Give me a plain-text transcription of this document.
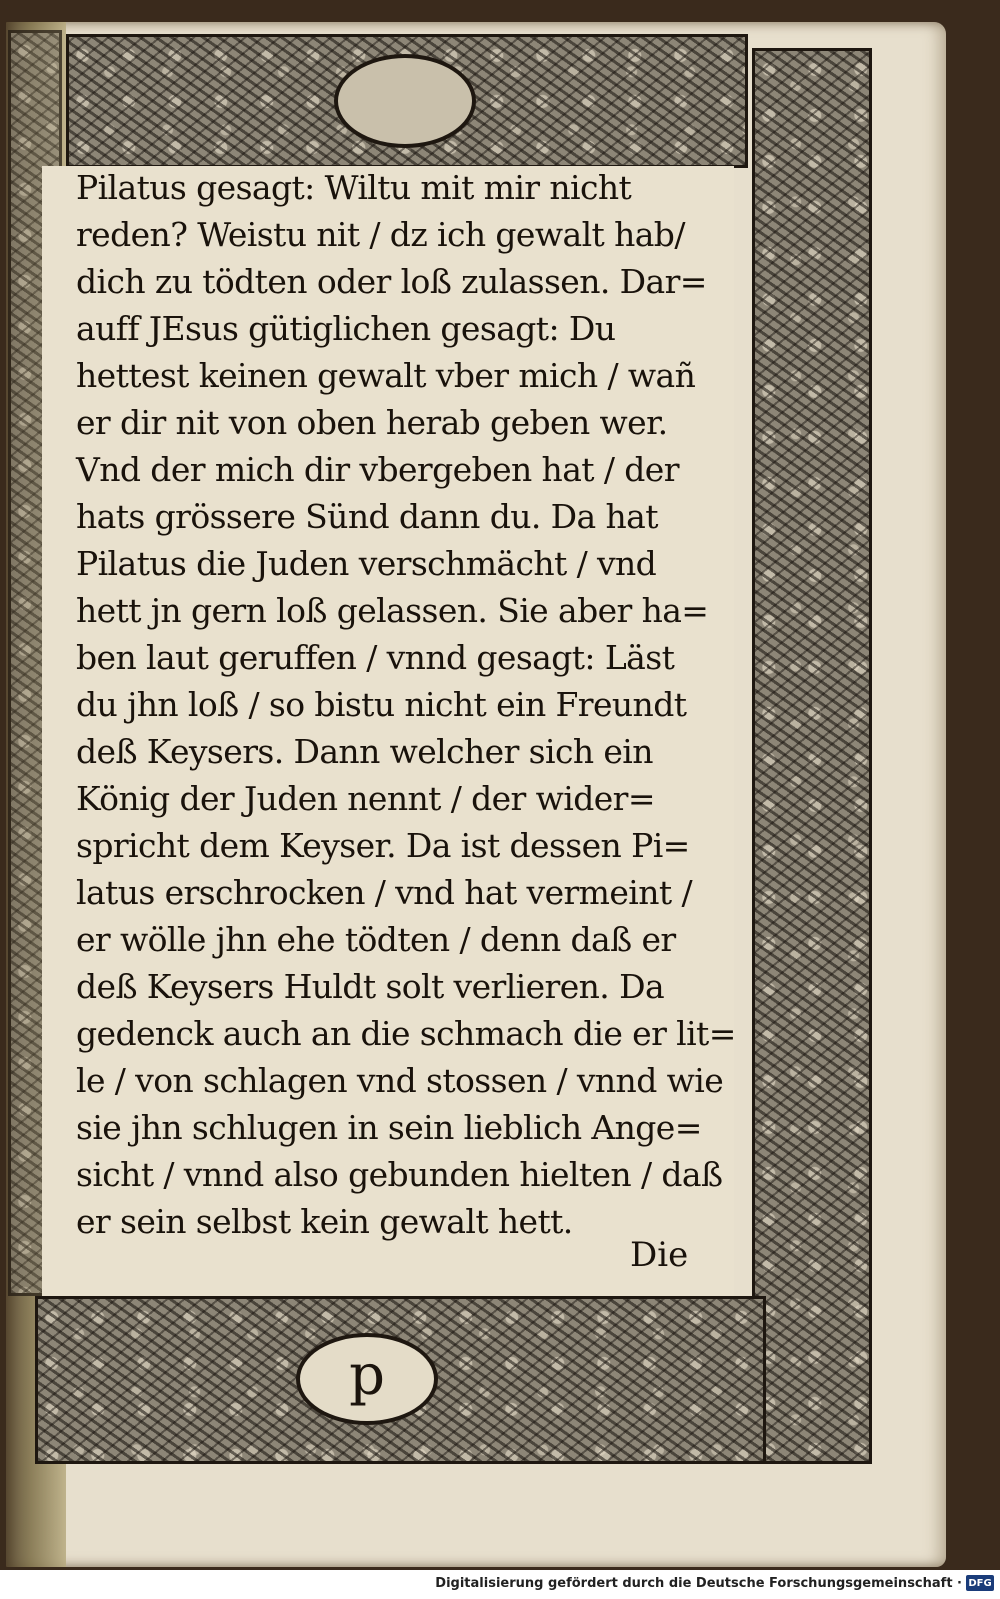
p
Pilatus gesagt: Wiltu mit mir nicht
reden? Weistu nit / dz ich gewalt hab/
dich zu tödten oder loß zulassen. Dar=
auff JEsus gütiglichen gesagt: Du
hettest keinen gewalt vber mich / wañ
er dir nit von oben herab geben wer.
Vnd der mich dir vbergeben hat / der
hats grössere Sünd dann du. Da hat
Pilatus die Juden verschmächt / vnd
hett jn gern loß gelassen. Sie aber ha=
ben laut geruffen / vnnd gesagt: Läst
du jhn loß / so bistu nicht ein Freundt
deß Keysers. Dann welcher sich ein
König der Juden nennt / der wider=
spricht dem Keyser. Da ist dessen Pi=
latus erschrocken / vnd hat vermeint /
er wölle jhn ehe tödten / denn daß er
deß Keysers Huldt solt verlieren. Da
gedenck auch an die schmach die er lit=
le / von schlagen vnd stossen / vnnd wie
sie jhn schlugen in sein lieblich Ange=
sicht / vnnd also gebunden hielten / daß
er sein selbst kein gewalt hett.
Die
Digitalisierung gefördert durch die Deutsche Forschungsgemeinschaft · DFG
